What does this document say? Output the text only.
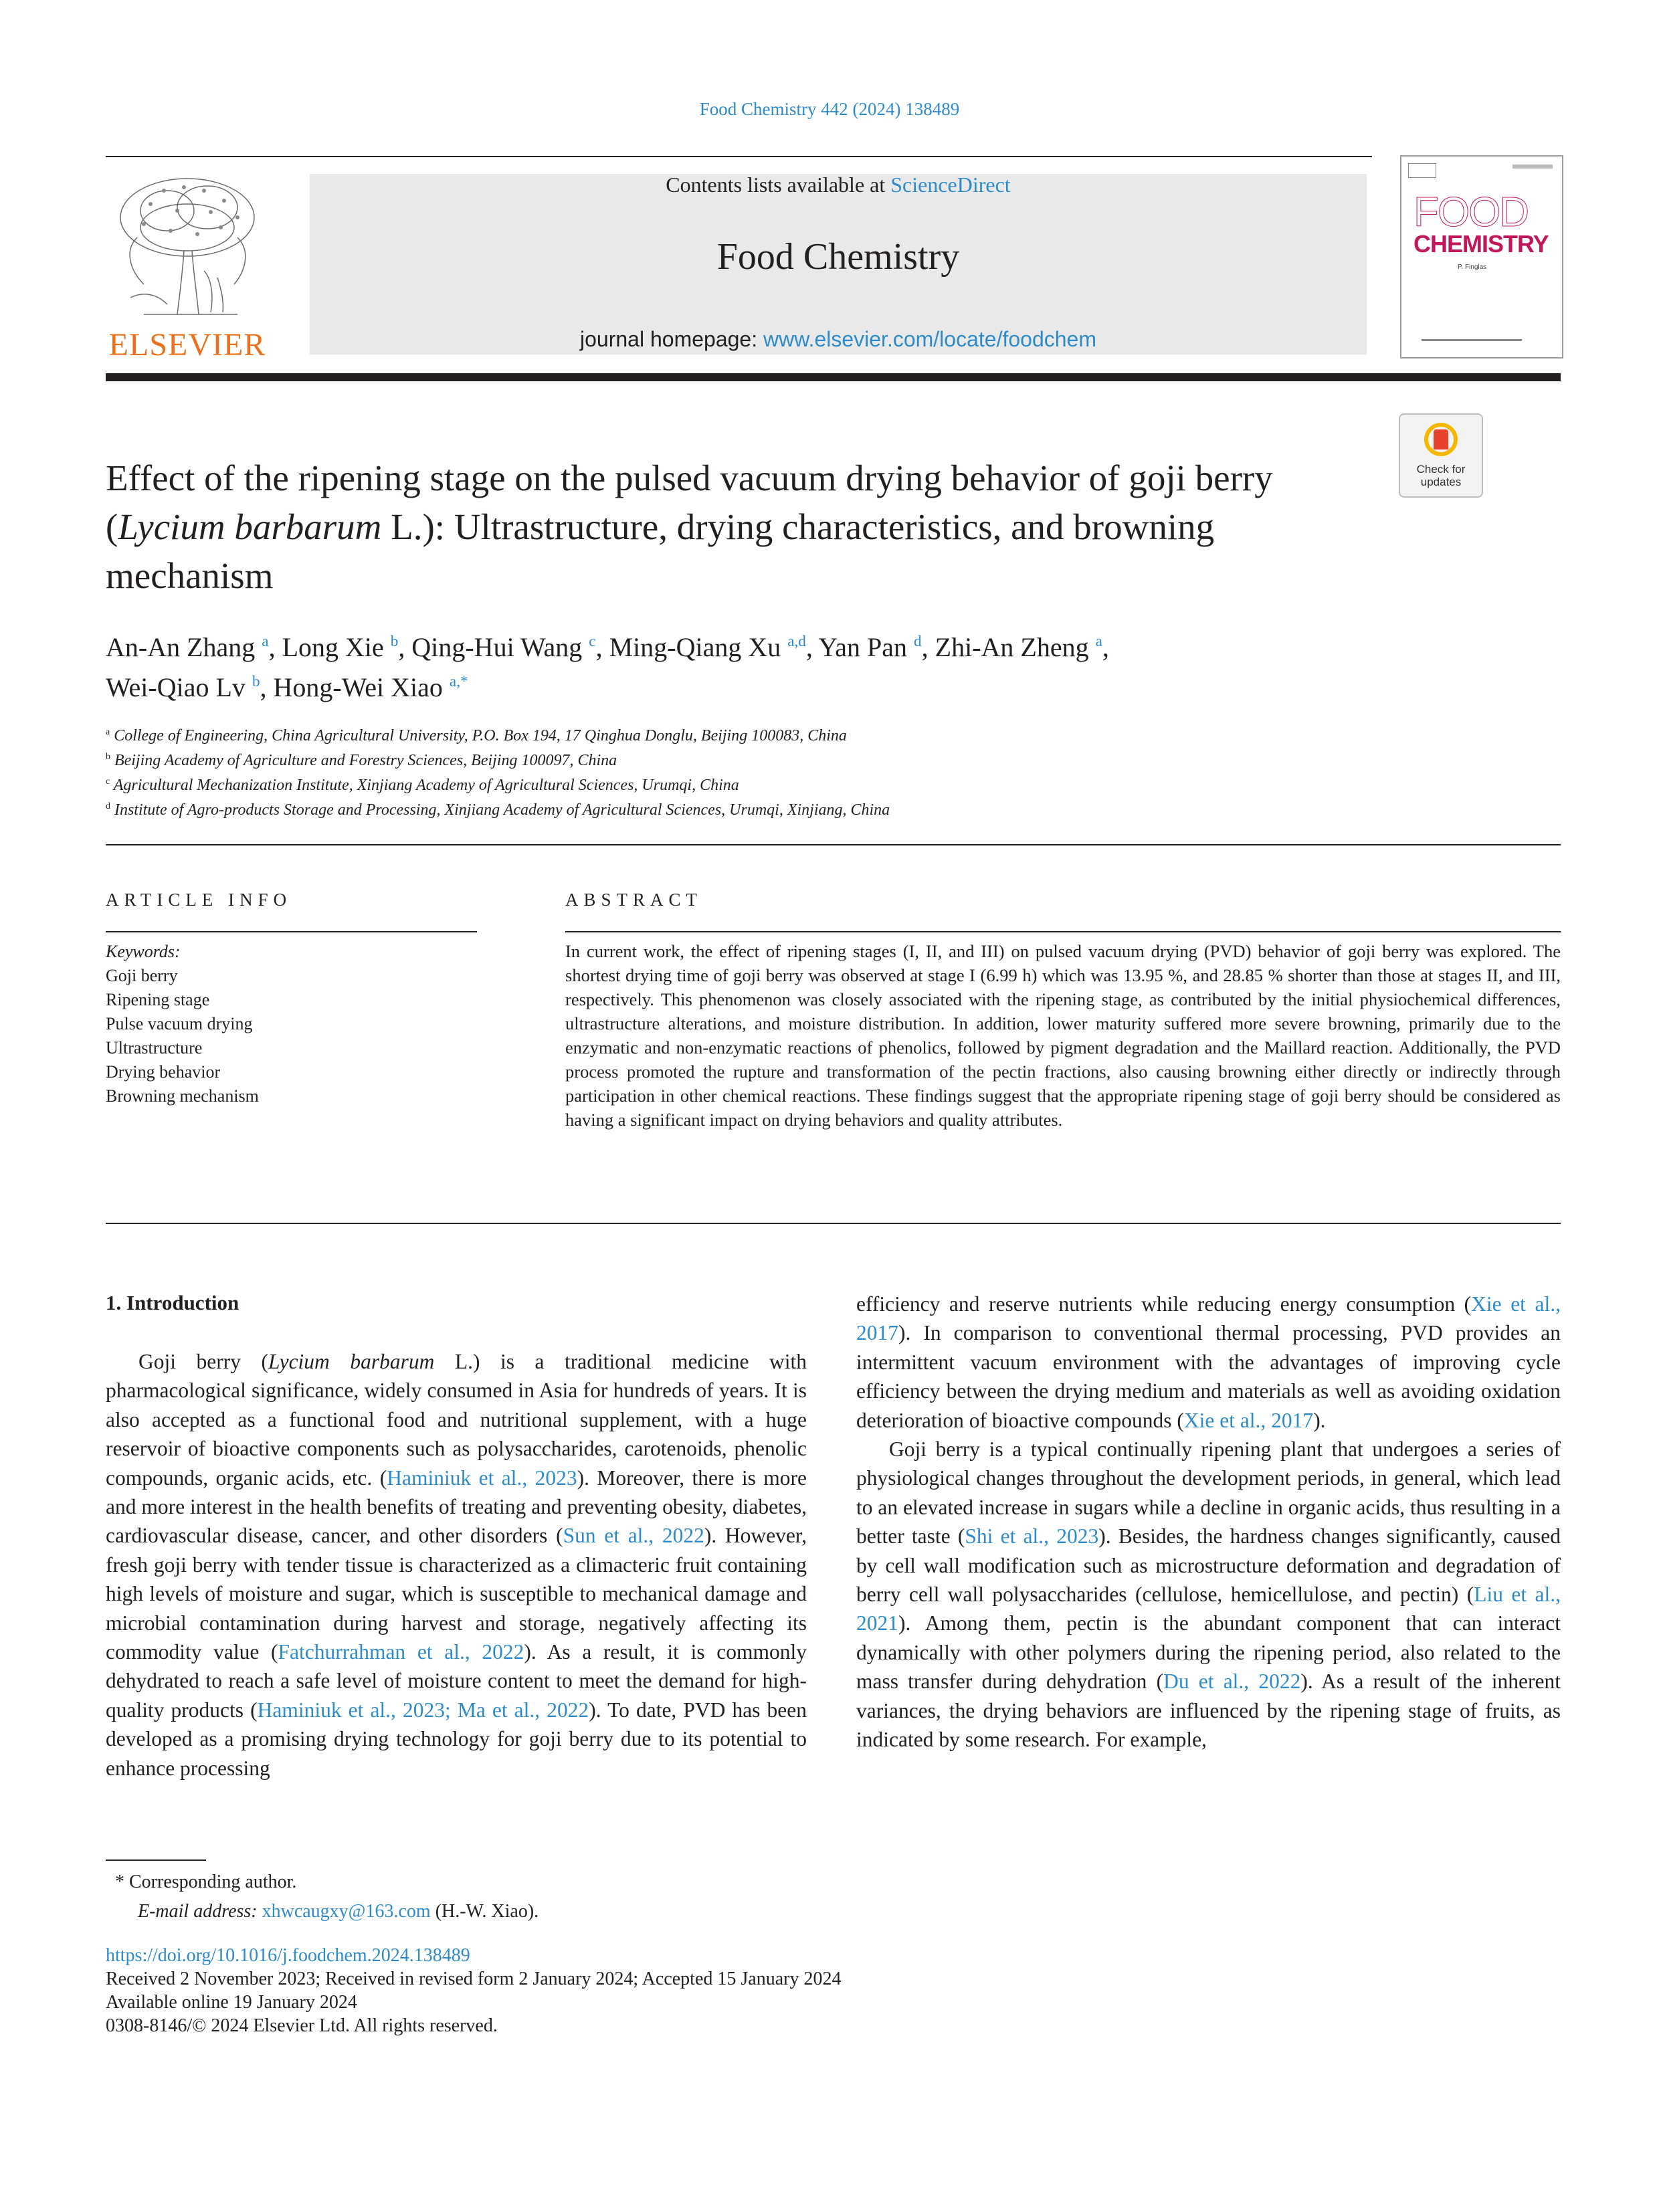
Food Chemistry 442 (2024) 138489
ELSEVIER
Contents lists available at ScienceDirect
Food Chemistry
journal homepage: www.elsevier.com/locate/foodchem
FOOD
CHEMISTRY
P. Finglas
Check for updates
Effect of the ripening stage on the pulsed vacuum drying behavior of goji berry (Lycium barbarum L.): Ultrastructure, drying characteristics, and browning mechanism
An-An Zhang $^a$, Long Xie $^b$, Qing-Hui Wang $^c$, Ming-Qiang Xu $^{a,d}$, Yan Pan $^d$, Zhi-An Zheng $^a$,
Wei-Qiao Lv $^b$, Hong-Wei Xiao $^{a,*}$
$^a$ College of Engineering, China Agricultural University, P.O. Box 194, 17 Qinghua Donglu, Beijing 100083, China
$^b$ Beijing Academy of Agriculture and Forestry Sciences, Beijing 100097, China
$^c$ Agricultural Mechanization Institute, Xinjiang Academy of Agricultural Sciences, Urumqi, China
$^d$ Institute of Agro-products Storage and Processing, Xinjiang Academy of Agricultural Sciences, Urumqi, Xinjiang, China
ARTICLE INFO
Keywords:
Goji berry
Ripening stage
Pulse vacuum drying
Ultrastructure
Drying behavior
Browning mechanism
ABSTRACT
In current work, the effect of ripening stages (I, II, and III) on pulsed vacuum drying (PVD) behavior of goji berry was explored. The shortest drying time of goji berry was observed at stage I (6.99 h) which was 13.95 %, and 28.85 % shorter than those at stages II, and III, respectively. This phenomenon was closely associated with the ripening stage, as contributed by the initial physiochemical differences, ultrastructure alterations, and moisture distribution. In addition, lower maturity suffered more severe browning, primarily due to the enzymatic and non-enzymatic reactions of phenolics, followed by pigment degradation and the Maillard reaction. Additionally, the PVD process promoted the rupture and transformation of the pectin fractions, also causing browning either directly or indirectly through participation in other chemical reactions. These findings suggest that the appropriate ripening stage of goji berry should be considered as having a significant impact on drying behaviors and quality attributes.
1. Introduction

Goji berry (Lycium barbarum L.) is a traditional medicine with pharmacological significance, widely consumed in Asia for hundreds of years. It is also accepted as a functional food and nutritional supplement, with a huge reservoir of bioactive components such as polysaccharides, carotenoids, phenolic compounds, organic acids, etc. (Haminiuk et al., 2023). Moreover, there is more and more interest in the health benefits of treating and preventing obesity, diabetes, cardiovascular disease, cancer, and other disorders (Sun et al., 2022). However, fresh goji berry with tender tissue is characterized as a climacteric fruit containing high levels of moisture and sugar, which is susceptible to mechanical damage and microbial contamination during harvest and storage, negatively affecting its commodity value (Fatchurrahman et al., 2022). As a result, it is commonly dehydrated to reach a safe level of moisture content to meet the demand for high-quality products (Haminiuk et al., 2023; Ma et al., 2022). To date, PVD has been developed as a promising drying technology for goji berry due to its potential to enhance processing

efficiency and reserve nutrients while reducing energy consumption (Xie et al., 2017). In comparison to conventional thermal processing, PVD provides an intermittent vacuum environment with the advantages of improving cycle efficiency between the drying medium and materials as well as avoiding oxidation deterioration of bioactive compounds (Xie et al., 2017).

Goji berry is a typical continually ripening plant that undergoes a series of physiological changes throughout the development periods, in general, which lead to an elevated increase in sugars while a decline in organic acids, thus resulting in a better taste (Shi et al., 2023). Besides, the hardness changes significantly, caused by cell wall modification such as microstructure deformation and degradation of berry cell wall polysaccharides (cellulose, hemicellulose, and pectin) (Liu et al., 2021). Among them, pectin is the abundant component that can interact dynamically with other polymers during the ripening period, also related to the mass transfer during dehydration (Du et al., 2022). As a result of the inherent variances, the drying behaviors are influenced by the ripening stage of fruits, as indicated by some research. For example,

* Corresponding author.
E-mail address: xhwcaugxy@163.com (H.-W. Xiao).
https://doi.org/10.1016/j.foodchem.2024.138489
Received 2 November 2023; Received in revised form 2 January 2024; Accepted 15 January 2024
Available online 19 January 2024
0308-8146/© 2024 Elsevier Ltd. All rights reserved.
